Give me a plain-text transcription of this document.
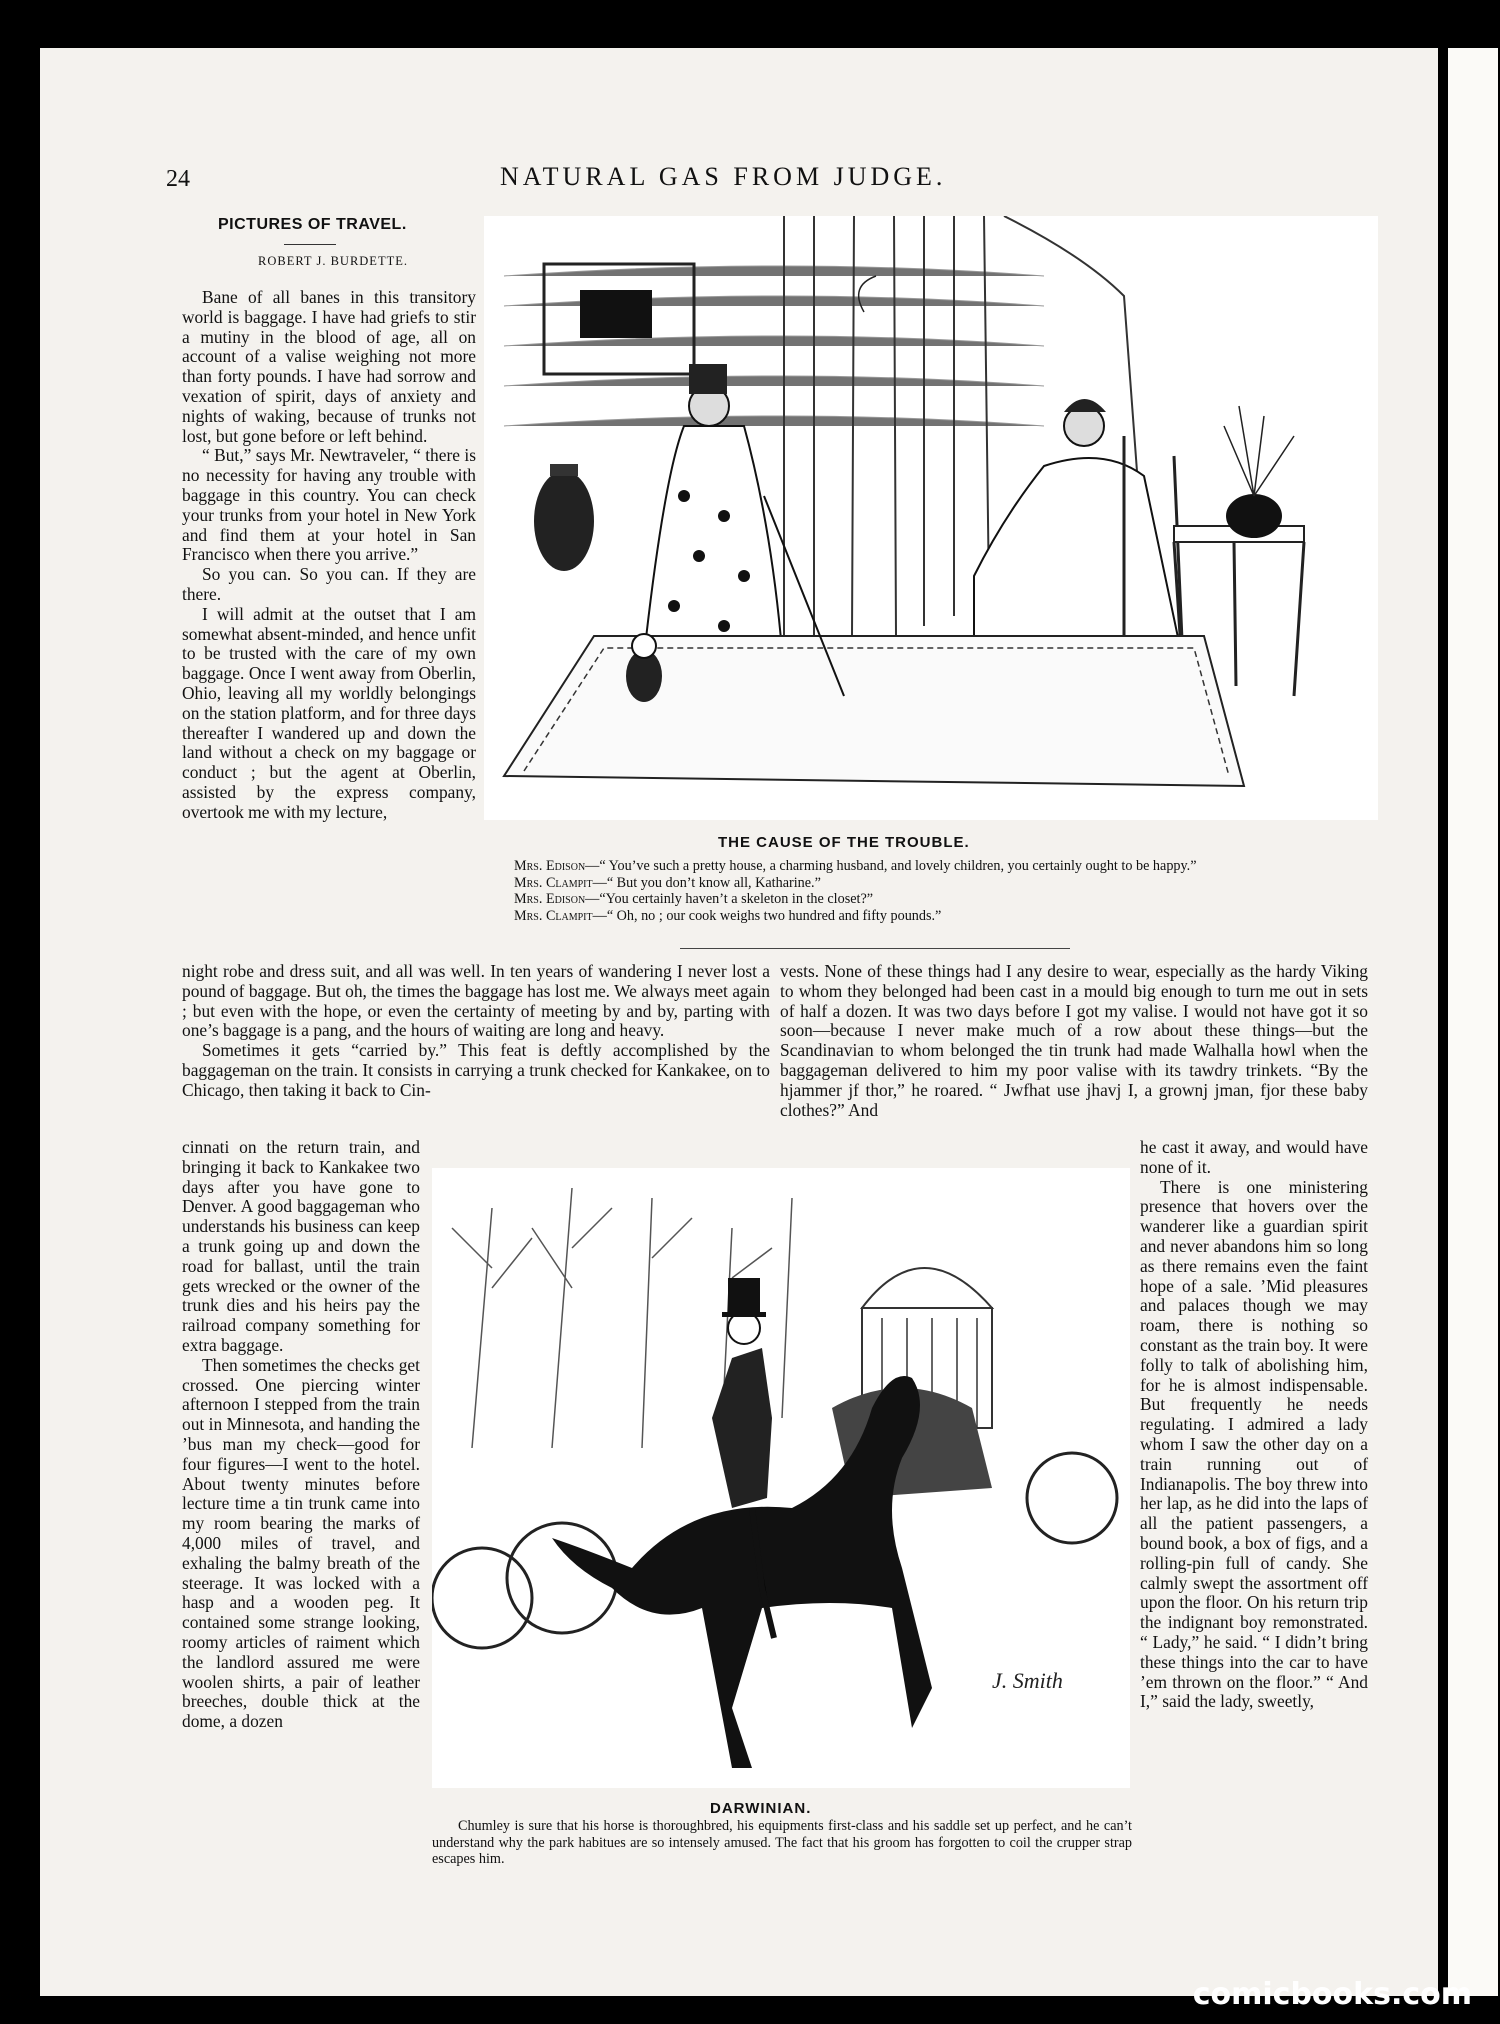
24	NATURAL GAS FROM JUDGE.
PICTURES OF TRAVEL.
ROBERT J. BURDETTE.

Bane of all banes in this transitory world is baggage. I have had griefs to stir a mutiny in the blood of age, all on account of a valise weighing not more than forty pounds. I have had sorrow and vexation of spirit, days of anxiety and nights of waking, because of trunks not lost, but gone before or left behind.

“ But,” says Mr. Newtraveler, “ there is no necessity for having any trouble with baggage in this country. You can check your trunks from your hotel in New York and find them at your hotel in San Francisco when there you arrive.”

So you can. So you can. If they are there.

I will admit at the outset that I am somewhat absent-minded, and hence unfit to be trusted with the care of my own baggage. Once I went away from Oberlin, Ohio, leaving all my worldly belongings on the station platform, and for three days thereafter I wandered up and down the land without a check on my baggage or conduct ; but the agent at Oberlin, assisted by the express company, overtook me with my lecture,

THE CAUSE OF THE TROUBLE.
Mrs. Edison—“ You’ve such a pretty house, a charming husband, and lovely children, you certainly ought to be happy.”
Mrs. Clampit—“ But you don’t know all, Katharine.”
Mrs. Edison—“You certainly haven’t a skeleton in the closet?”
Mrs. Clampit—“ Oh, no ; our cook weighs two hundred and fifty pounds.”

night robe and dress suit, and all was well. In ten years of wandering I never lost a pound of baggage. But oh, the times the baggage has lost me. We always meet again ; but even with the hope, or even the certainty of meeting by and by, parting with one’s baggage is a pang, and the hours of waiting are long and heavy.

Sometimes it gets “carried by.” This feat is deftly accomplished by the baggageman on the train. It consists in carrying a trunk checked for Kankakee, on to Chicago, then taking it back to Cin-

vests. None of these things had I any desire to wear, especially as the hardy Viking to whom they belonged had been cast in a mould big enough to turn me out in sets of half a dozen. It was two days before I got my valise. I would not have got it so soon—because I never make much of a row about these things—but the Scandinavian to whom belonged the tin trunk had made Walhalla howl when the baggageman delivered to him my poor valise with its tawdry trinkets. “By the hjammer jf thor,” he roared. “ Jwfhat use jhavj I, a grownj jman, fjor these baby clothes?” And

cinnati on the return train, and bringing it back to Kankakee two days after you have gone to Denver. A good baggageman who understands his business can keep a trunk going up and down the road for ballast, until the train gets wrecked or the owner of the trunk dies and his heirs pay the railroad company something for extra baggage.

Then sometimes the checks get crossed. One piercing winter afternoon I stepped from the train out in Minnesota, and handing the ’bus man my check—good for four figures—I went to the hotel. About twenty minutes before lecture time a tin trunk came into my room bearing the marks of 4,000 miles of travel, and exhaling the balmy breath of the steerage. It was locked with a hasp and a wooden peg. It contained some strange looking, roomy articles of raiment which the landlord assured me were woolen shirts, a pair of leather breeches, double thick at the dome, a dozen

J. Smith
DARWINIAN.
Chumley is sure that his horse is thoroughbred, his equipments first-class and his saddle set up perfect, and he can’t understand why the park habitues are so intensely amused. The fact that his groom has forgotten to coil the crupper strap escapes him.

he cast it away, and would have none of it.

There is one ministering presence that hovers over the wanderer like a guardian spirit and never abandons him so long as there remains even the faint hope of a sale. ’Mid pleasures and palaces though we may roam, there is nothing so constant as the train boy. It were folly to talk of abolishing him, for he is almost indispensable. But frequently he needs regulating. I admired a lady whom I saw the other day on a train running out of Indianapolis. The boy threw into her lap, as he did into the laps of all the patient passengers, a bound book, a box of figs, and a rolling-pin full of candy. She calmly swept the assortment off upon the floor. On his return trip the indignant boy remonstrated. “ Lady,” he said. “ I didn’t bring these things into the car to have ’em thrown on the floor.” “ And I,” said the lady, sweetly,

comicbooks.com
